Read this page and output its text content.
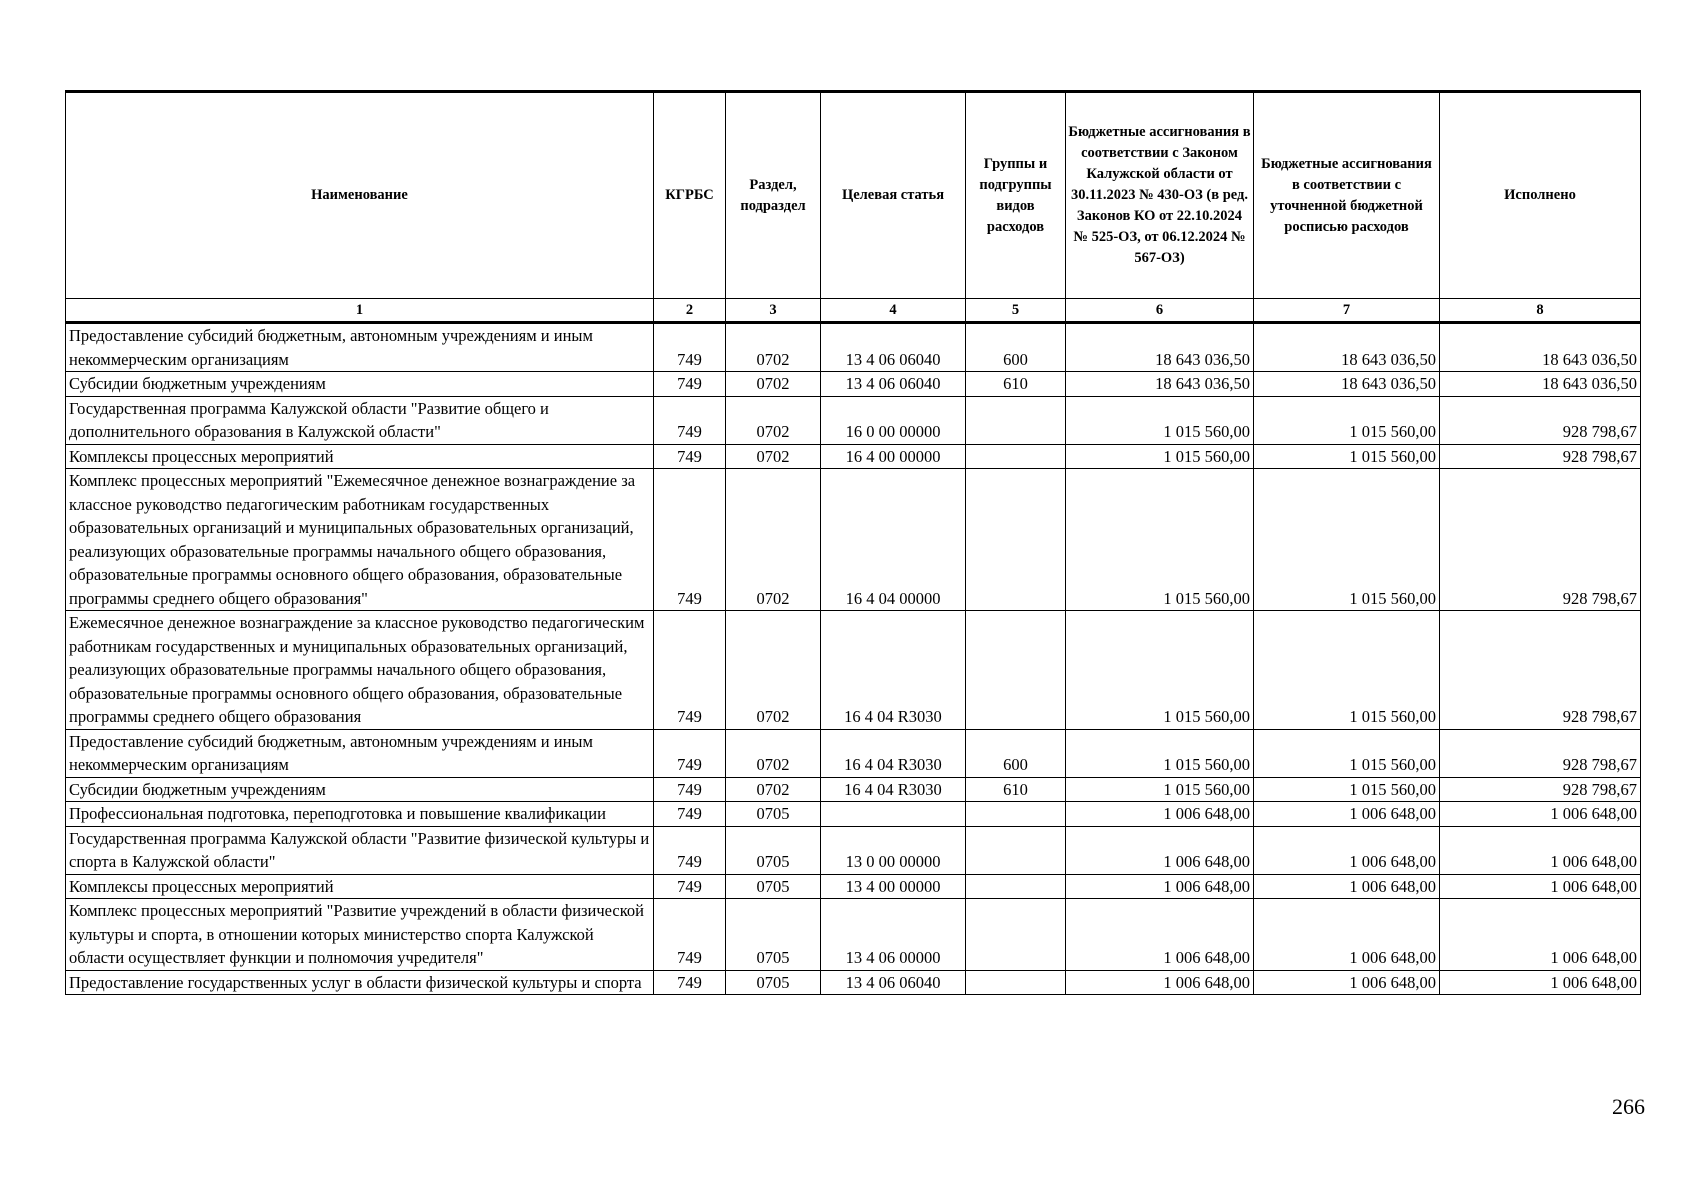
Наименование	КГРБС	Раздел, подраздел	Целевая статья	Группы и подгруппы видов расходов	Бюджетные ассигнования в соответствии с Законом Калужской области от 30.11.2023 № 430-ОЗ (в ред. Законов КО от 22.10.2024 № 525-ОЗ, от 06.12.2024 № 567-ОЗ)	Бюджетные ассигнования в соответствии с уточненной бюджетной росписью расходов	Исполнено
1	2	3	4	5	6	7	8
Предоставление субсидий бюджетным, автономным учреждениям и иным некоммерческим организациям	749	0702	13 4 06 06040	600	18 643 036,50	18 643 036,50	18 643 036,50
Субсидии бюджетным учреждениям	749	0702	13 4 06 06040	610	18 643 036,50	18 643 036,50	18 643 036,50
Государственная программа Калужской области "Развитие общего и дополнительного образования в Калужской области"	749	0702	16 0 00 00000		1 015 560,00	1 015 560,00	928 798,67
Комплексы процессных мероприятий	749	0702	16 4 00 00000		1 015 560,00	1 015 560,00	928 798,67
Комплекс процессных мероприятий "Ежемесячное денежное вознаграждение за классное руководство педагогическим работникам государственных образовательных организаций и муниципальных образовательных организаций, реализующих образовательные программы начального общего образования, образовательные программы основного общего образования, образовательные программы среднего общего образования"	749	0702	16 4 04 00000		1 015 560,00	1 015 560,00	928 798,67
Ежемесячное денежное вознаграждение за классное руководство педагогическим работникам государственных и муниципальных образовательных организаций, реализующих образовательные программы начального общего образования, образовательные программы основного общего образования, образовательные программы среднего общего образования	749	0702	16 4 04 R3030		1 015 560,00	1 015 560,00	928 798,67
Предоставление субсидий бюджетным, автономным учреждениям и иным некоммерческим организациям	749	0702	16 4 04 R3030	600	1 015 560,00	1 015 560,00	928 798,67
Субсидии бюджетным учреждениям	749	0702	16 4 04 R3030	610	1 015 560,00	1 015 560,00	928 798,67
Профессиональная подготовка, переподготовка и повышение квалификации	749	0705			1 006 648,00	1 006 648,00	1 006 648,00
Государственная программа Калужской области "Развитие физической культуры и спорта в Калужской области"	749	0705	13 0 00 00000		1 006 648,00	1 006 648,00	1 006 648,00
Комплексы процессных мероприятий	749	0705	13 4 00 00000		1 006 648,00	1 006 648,00	1 006 648,00
Комплекс процессных мероприятий "Развитие учреждений в области физической культуры и спорта, в отношении которых министерство спорта Калужской области осуществляет функции и полномочия учредителя"	749	0705	13 4 06 00000		1 006 648,00	1 006 648,00	1 006 648,00
Предоставление государственных услуг в области физической культуры и спорта	749	0705	13 4 06 06040		1 006 648,00	1 006 648,00	1 006 648,00
266
